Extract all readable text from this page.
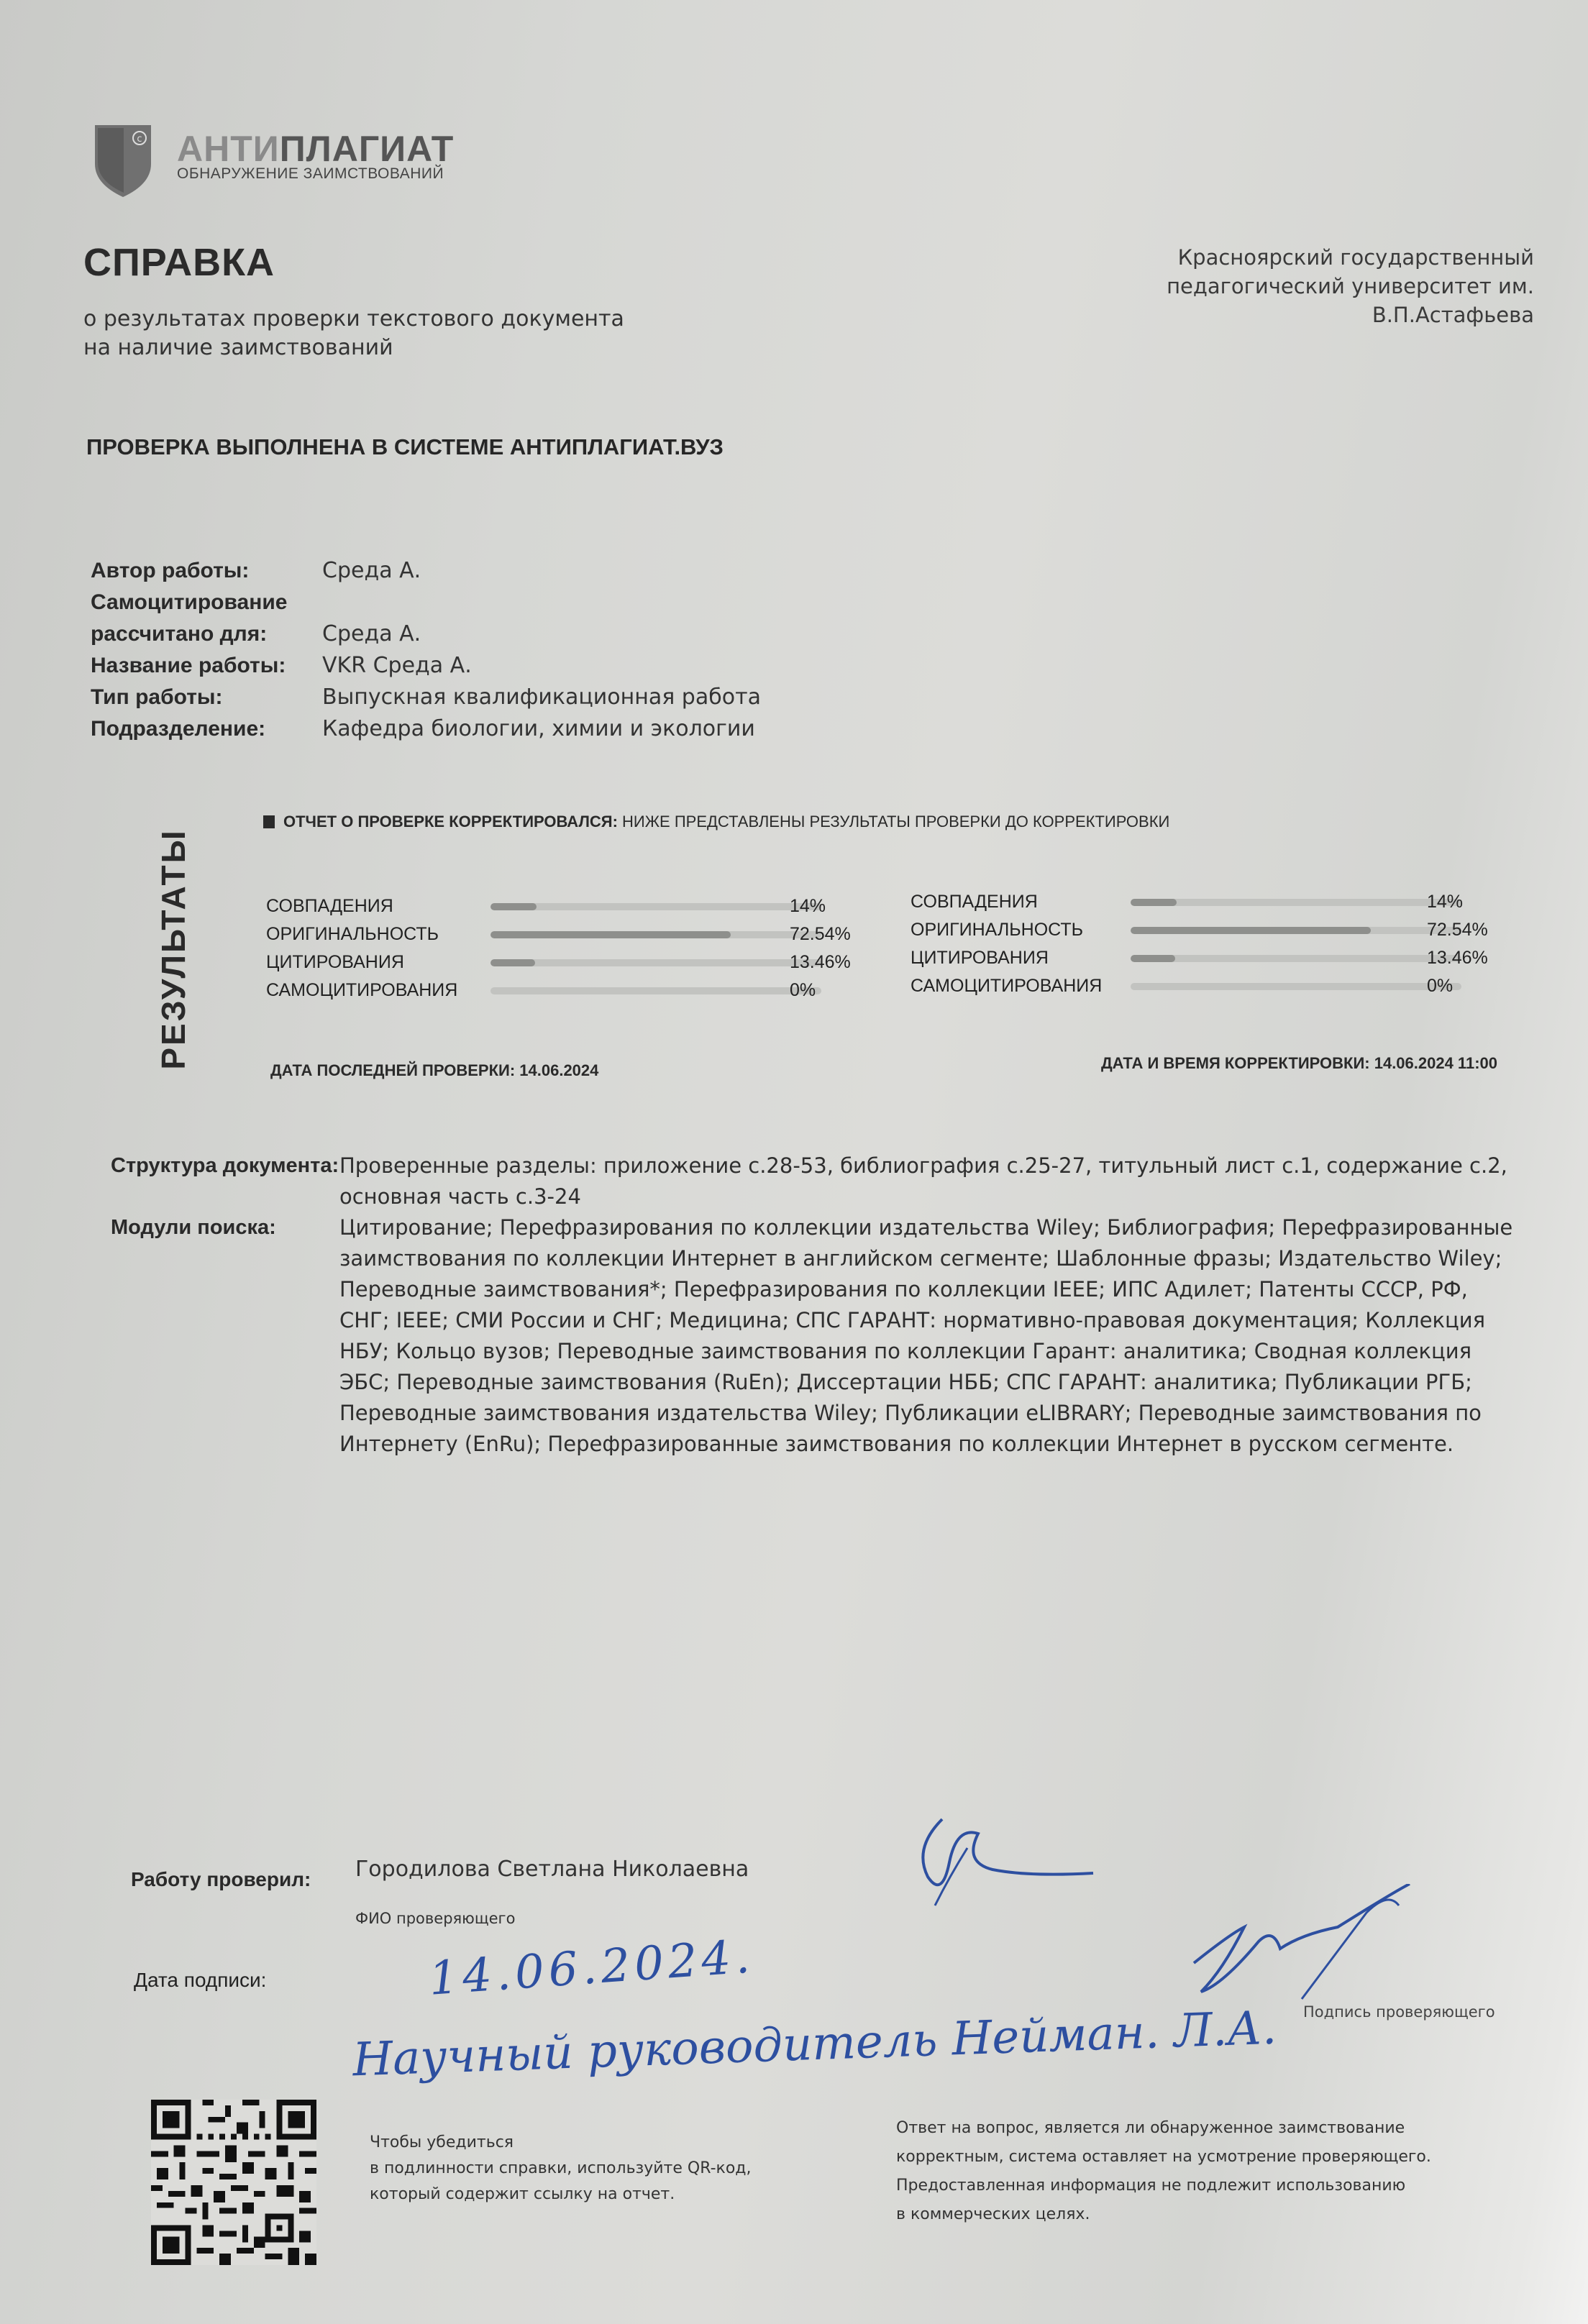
c АНТИПЛАГИАТ
ОБНАРУЖЕНИЕ ЗАИМСТВОВАНИЙ
СПРАВКА
о результатах проверки текстового документа
на наличие заимствований
Красноярский государственный
педагогический университет им.
В.П.Астафьева
ПРОВЕРКА ВЫПОЛНЕНА В СИСТЕМЕ АНТИПЛАГИАТ.ВУЗ
Автор работы:	Среда А.
Самоцитирование
рассчитано для:	Среда А.
Название работы:	VKR Среда А.
Тип работы:	Выпускная квалификационная работа
Подразделение:	Кафедра биологии, химии и экологии
РЕЗУЛЬТАТЫ
ОТЧЕТ О ПРОВЕРКЕ КОРРЕКТИРОВАЛСЯ: НИЖЕ ПРЕДСТАВЛЕНЫ РЕЗУЛЬТАТЫ ПРОВЕРКИ ДО КОРРЕКТИРОВКИ
СОВПАДЕНИЯ	14%
ОРИГИНАЛЬНОСТЬ	72.54%
ЦИТИРОВАНИЯ	13.46%
САМОЦИТИРОВАНИЯ	0%
СОВПАДЕНИЯ	14%
ОРИГИНАЛЬНОСТЬ	72.54%
ЦИТИРОВАНИЯ	13.46%
САМОЦИТИРОВАНИЯ	0%
ДАТА ПОСЛЕДНЕЙ ПРОВЕРКИ: 14.06.2024	ДАТА И ВРЕМЯ КОРРЕКТИРОВКИ: 14.06.2024 11:00
Структура документа: Проверенные разделы: приложение с.28-53, библиография с.25-27, титульный лист с.1, содержание с.2, основная часть с.3-24
Модули поиска:	Цитирование; Перефразирования по коллекции издательства Wiley; Библиография; Перефразированные заимствования по коллекции Интернет в английском сегменте; Шаблонные фразы; Издательство Wiley; Переводные заимствования*; Перефразирования по коллекции IEEE; ИПС Адилет; Патенты СССР, РФ, СНГ; IEEE; СМИ России и СНГ; Медицина; СПС ГАРАНТ: нормативно-правовая документация; Коллекция НБУ; Кольцо вузов; Переводные заимствования по коллекции Гарант: аналитика; Сводная коллекция ЭБС; Переводные заимствования (RuEn); Диссертации НББ; СПС ГАРАНТ: аналитика; Публикации РГБ; Переводные заимствования издательства Wiley; Публикации eLIBRARY; Переводные заимствования по Интернету (EnRu); Перефразированные заимствования по коллекции Интернет в русском сегменте.
Работу проверил: Городилова Светлана Николаевна
ФИО проверяющего
Дата подписи:	14.06.2024.
Подпись проверяющего
Научный руководитель Нейман. Л.А.
Чтобы убедиться
в подлинности справки, используйте QR-код,
который содержит ссылку на отчет.
Ответ на вопрос, является ли обнаруженное заимствование
корректным, система оставляет на усмотрение проверяющего.
Предоставленная информация не подлежит использованию
в коммерческих целях.
